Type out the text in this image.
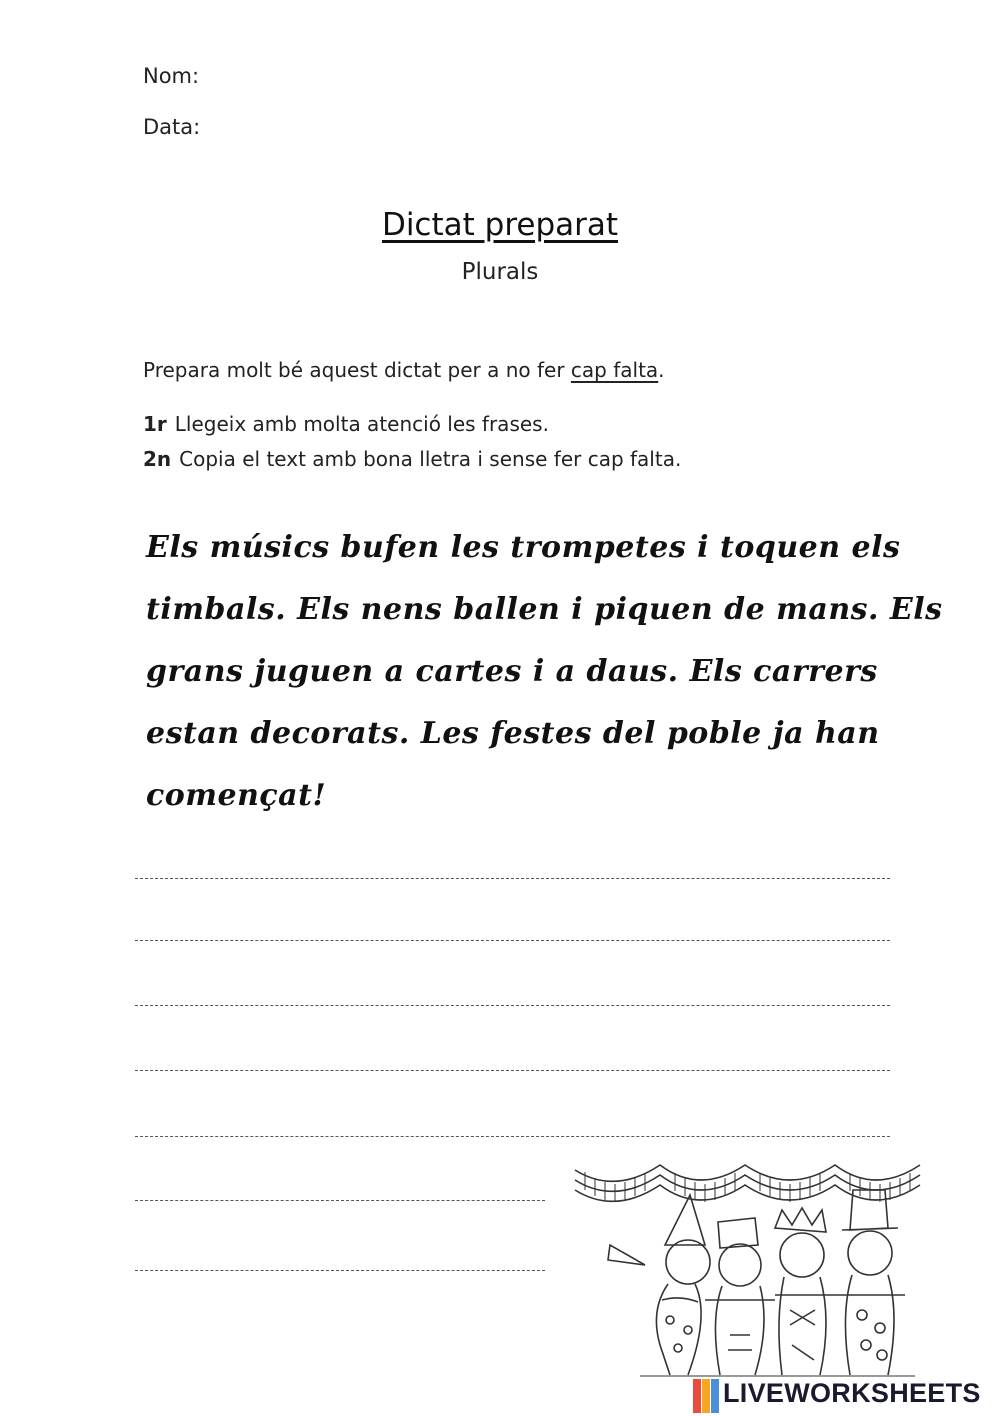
Nom:
Data:
Dictat preparat
Plurals
Prepara molt bé aquest dictat per a no fer cap falta.
1r Llegeix amb molta atenció les frases.
2n Copia el text amb bona lletra i sense fer cap falta.
Els músics bufen les trompetes i toquen els
timbals. Els nens ballen i piquen de mans. Els
grans juguen a cartes i a daus. Els carrers
estan decorats. Les festes del poble ja han
començat!
LIVEWORKSHEETS
